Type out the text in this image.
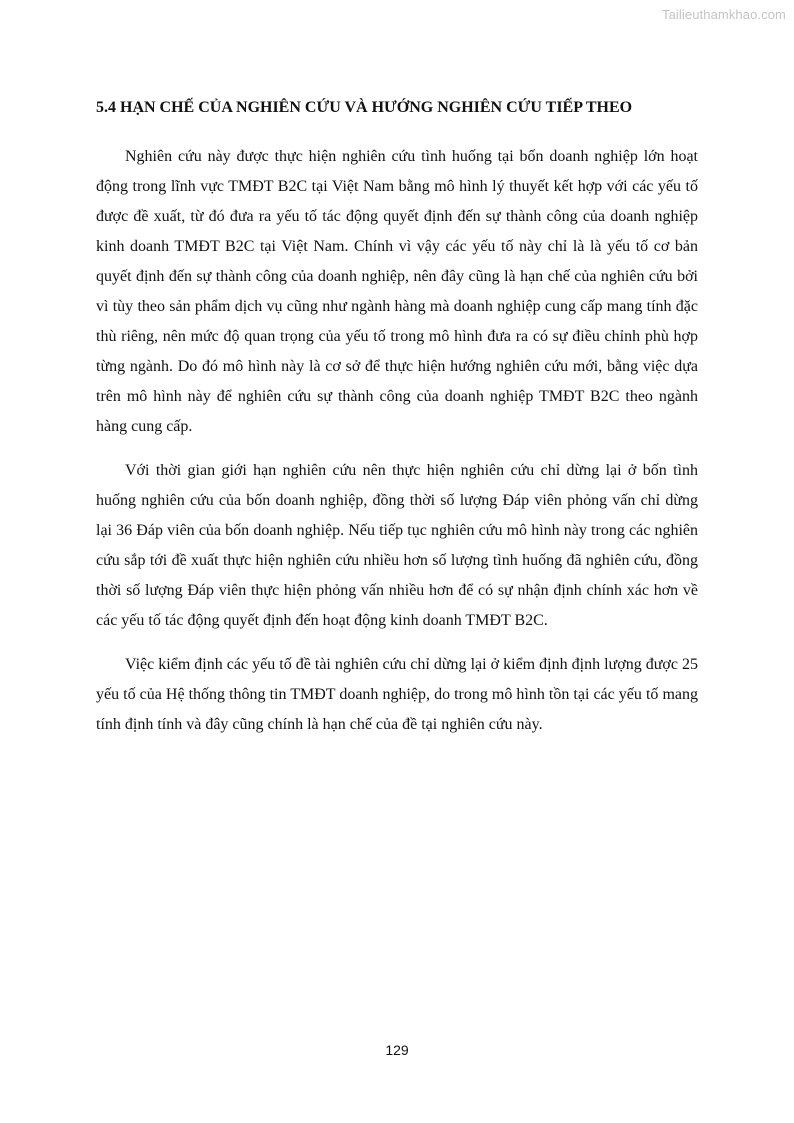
Tailieuthamkhao.com
5.4 HẠN CHẾ CỦA NGHIÊN CỨU VÀ HƯỚNG NGHIÊN CỨU TIẾP THEO

Nghiên cứu này được thực hiện nghiên cứu tình huống tại bốn doanh nghiệp lớn hoạt động trong lĩnh vực TMĐT B2C tại Việt Nam bằng mô hình lý thuyết kết hợp với các yếu tố được đề xuất, từ đó đưa ra yếu tố tác động quyết định đến sự thành công của doanh nghiệp kinh doanh TMĐT B2C tại Việt Nam. Chính vì vậy các yếu tố này chỉ là là yếu tố cơ bản quyết định đến sự thành công của doanh nghiệp, nên đây cũng là hạn chế của nghiên cứu bởi vì tùy theo sản phẩm dịch vụ cũng như ngành hàng mà doanh nghiệp cung cấp mang tính đặc thù riêng, nên mức độ quan trọng của yếu tố trong mô hình đưa ra có sự điều chỉnh phù hợp từng ngành. Do đó mô hình này là cơ sở để thực hiện hướng nghiên cứu mới, bằng việc dựa trên mô hình này để nghiên cứu sự thành công của doanh nghiệp TMĐT B2C theo ngành hàng cung cấp.

Với thời gian giới hạn nghiên cứu nên thực hiện nghiên cứu chỉ dừng lại ở bốn tình huống nghiên cứu của bốn doanh nghiệp, đồng thời số lượng Đáp viên phỏng vấn chỉ dừng lại 36 Đáp viên của bốn doanh nghiệp. Nếu tiếp tục nghiên cứu mô hình này trong các nghiên cứu sắp tới đề xuất thực hiện nghiên cứu nhiều hơn số lượng tình huống đã nghiên cứu, đồng thời số lượng Đáp viên thực hiện phỏng vấn nhiều hơn để có sự nhận định chính xác hơn về các yếu tố tác động quyết định đến hoạt động kinh doanh TMĐT B2C.

Việc kiểm định các yếu tố đề tài nghiên cứu chỉ dừng lại ở kiểm định định lượng được 25 yếu tố của Hệ thống thông tin TMĐT doanh nghiệp, do trong mô hình tồn tại các yếu tố mang tính định tính và đây cũng chính là hạn chế của đề tại nghiên cứu này.

129
